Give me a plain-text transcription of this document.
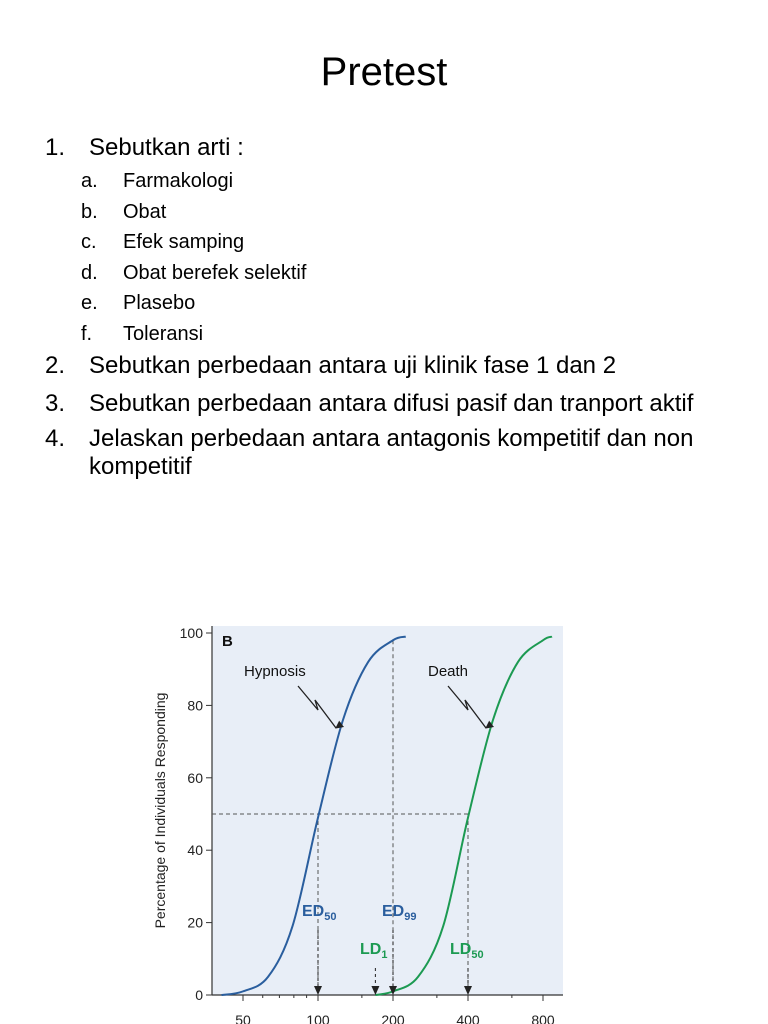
Pretest
1. Sebutkan arti :
a.	Farmakologi
b.	Obat
c.	Efek samping
d.	Obat berefek selektif
e.	Plasebo
f.	Toleransi
2. Sebutkan perbedaan antara uji klinik fase 1 dan 2
3. Sebutkan perbedaan antara difusi pasif dan tranport aktif
4. Jelaskan perbedaan antara antagonis kompetitif dan non kompetitif
0
20
40
60
80
100
50	100	200	400	800
Percentage of Individuals Responding
B
Hypnosis	Death
$ED_{50}$	$ED_{99}$
$LD_1$	$LD_{50}$
